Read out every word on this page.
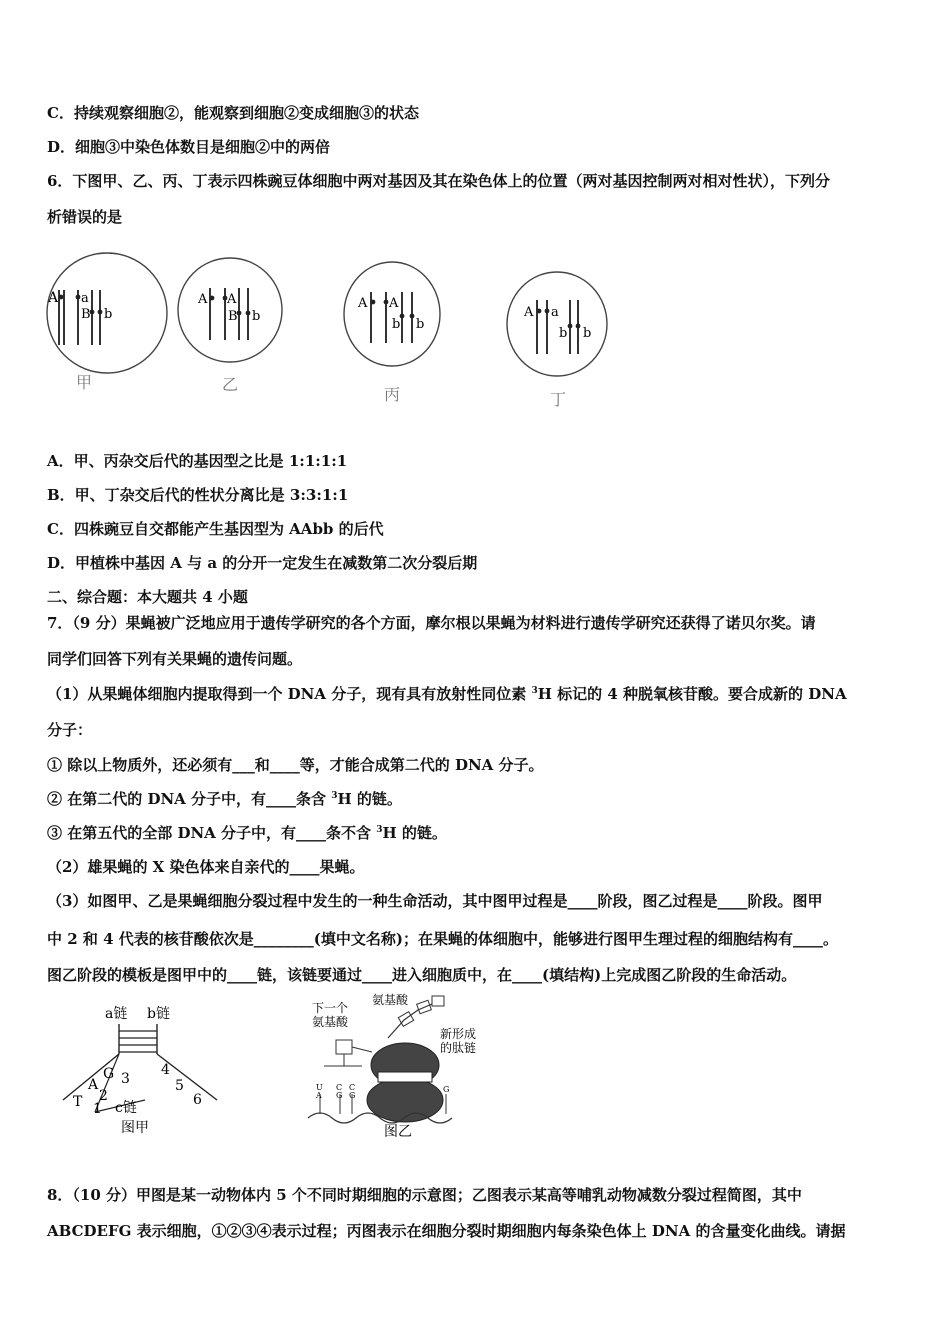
C．持续观察细胞②，能观察到细胞②变成细胞③的状态
D．细胞③中染色体数目是细胞②中的两倍
6．下图甲、乙、丙、丁表示四株豌豆体细胞中两对基因及其在染色体上的位置（两对基因控制两对相对性状），下列分
析错误的是
A a
B b
甲
A A
B b
乙
A A
b b
丙
A a
b b
丁
A．甲、丙杂交后代的基因型之比是 1:1:1:1
B．甲、丁杂交后代的性状分离比是 3:3:1:1
C．四株豌豆自交都能产生基因型为 AAbb 的后代
D．甲植株中基因 A 与 a 的分开一定发生在减数第二次分裂后期
二、综合题：本大题共 4 小题
7．（9 分）果蝇被广泛地应用于遗传学研究的各个方面，摩尔根以果蝇为材料进行遗传学研究还获得了诺贝尔奖。请
同学们回答下列有关果蝇的遗传问题。
（1）从果蝇体细胞内提取得到一个 DNA 分子，现有具有放射性同位素 $^3$H 标记的 4 种脱氧核苷酸。要合成新的 DNA
分子：
① 除以上物质外，还必须有___和____等，才能合成第二代的 DNA 分子。
② 在第二代的 DNA 分子中，有____条含 $^3$H 的链。
③ 在第五代的全部 DNA 分子中，有____条不含 $^3$H 的链。
（2）雄果蝇的 X 染色体来自亲代的____果蝇。
（3）如图甲、乙是果蝇细胞分裂过程中发生的一种生命活动，其中图甲过程是____阶段，图乙过程是____阶段。图甲
中 2 和 4 代表的核苷酸依次是________(填中文名称)；在果蝇的体细胞中，能够进行图甲生理过程的细胞结构有____。
图乙阶段的模板是图甲中的____链，该链要通过____进入细胞质中，在____(填结构)上完成图乙阶段的生命活动。
a链 b链
G
A
T
3
2
1 c链
4
5
6
图甲
氨基酸
下一个
氨基酸
新形成
的肽链
U
A
C
G
C
G
G
图乙
8．（10 分）甲图是某一动物体内 5 个不同时期细胞的示意图；乙图表示某高等哺乳动物减数分裂过程简图，其中
ABCDEFG 表示细胞，①②③④表示过程；丙图表示在细胞分裂时期细胞内每条染色体上 DNA 的含量变化曲线。请据
